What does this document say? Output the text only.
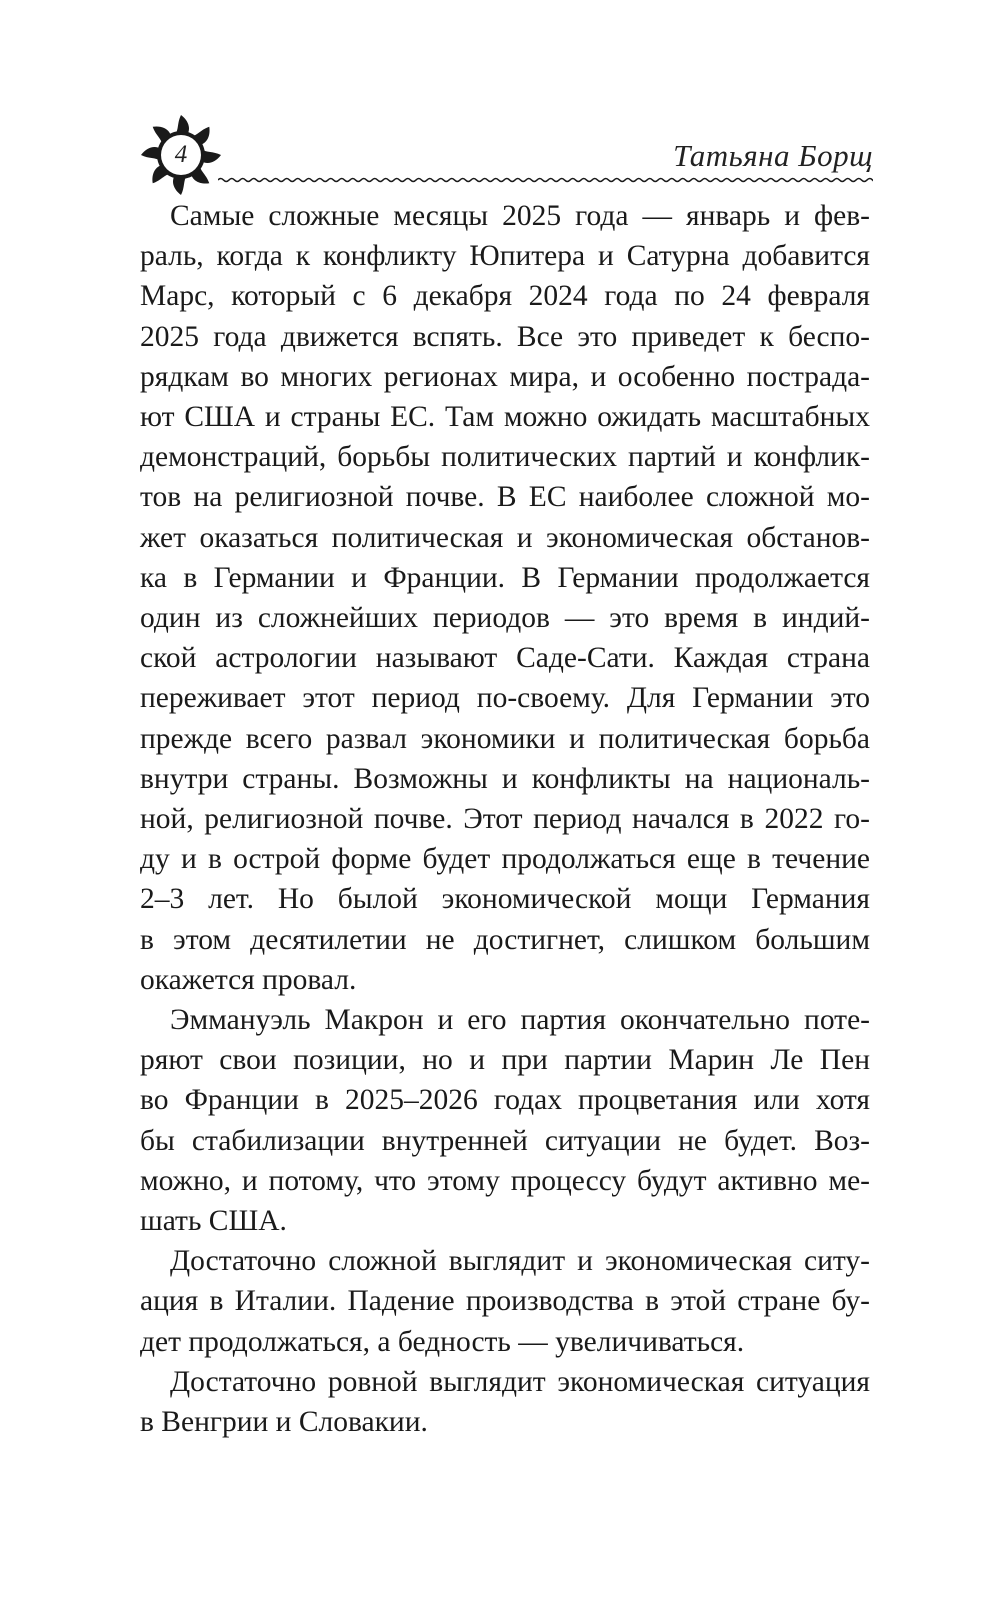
4	Татьяна Борщ

Самые сложные месяцы 2025 года — январь и фев-
раль, когда к конфликту Юпитера и Сатурна добавится
Марс, который с 6 декабря 2024 года по 24 февраля
2025 года движется вспять. Все это приведет к беспо-
рядкам во многих регионах мира, и особенно пострада-
ют США и страны ЕС. Там можно ожидать масштабных
демонстраций, борьбы политических партий и конфлик-
тов на религиозной почве. В ЕС наиболее сложной мо-
жет оказаться политическая и экономическая обстанов-
ка в Германии и Франции. В Германии продолжается
один из сложнейших периодов — это время в индий-
ской астрологии называют Саде-Сати. Каждая страна
переживает этот период по-своему. Для Германии это
прежде всего развал экономики и политическая борьба
внутри страны. Возможны и конфликты на националь-
ной, религиозной почве. Этот период начался в 2022 го-
ду и в острой форме будет продолжаться еще в течение
2–3 лет. Но былой экономической мощи Германия
в этом десятилетии не достигнет, слишком большим
окажется провал.

Эммануэль Макрон и его партия окончательно поте-
ряют свои позиции, но и при партии Марин Ле Пен
во Франции в 2025–2026 годах процветания или хотя
бы стабилизации внутренней ситуации не будет. Воз-
можно, и потому, что этому процессу будут активно ме-
шать США.

Достаточно сложной выглядит и экономическая ситу-
ация в Италии. Падение производства в этой стране бу-
дет продолжаться, а бедность — увеличиваться.

Достаточно ровной выглядит экономическая ситуация
в Венгрии и Словакии.
